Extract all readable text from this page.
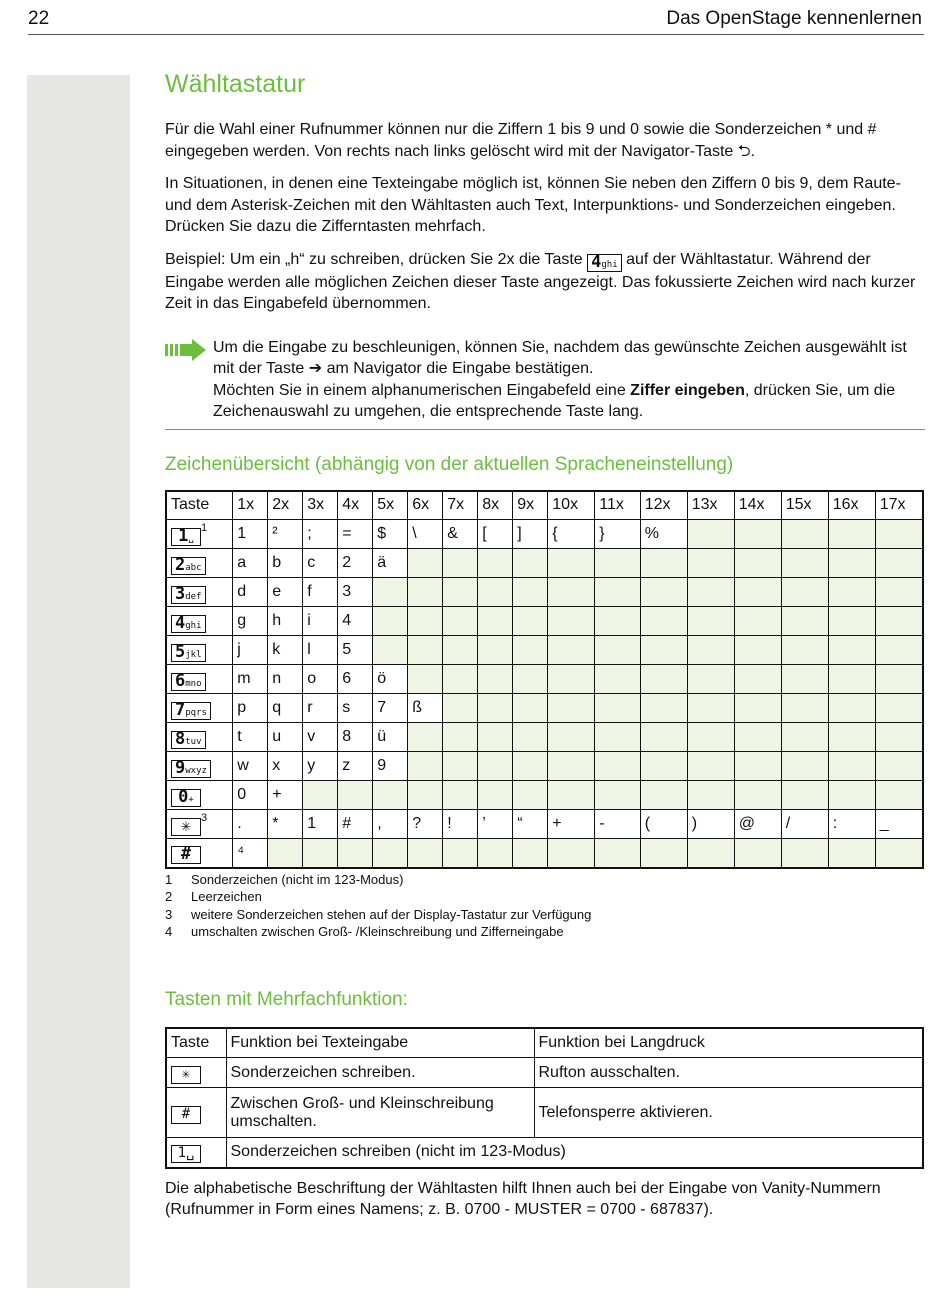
22	Das OpenStage kennenlernen
Wähltastatur

Für die Wahl einer Rufnummer können nur die Ziffern 1 bis 9 und 0 sowie die Sonderzeichen * und # eingegeben werden. Von rechts nach links gelöscht wird mit der Navigator-Taste ⮌.

In Situationen, in denen eine Texteingabe möglich ist, können Sie neben den Ziffern 0 bis 9, dem Raute- und dem Asterisk-Zeichen mit den Wähltasten auch Text, Interpunktions- und Sonderzeichen eingeben. Drücken Sie dazu die Zifferntasten mehrfach.

Beispiel: Um ein „h“ zu schreiben, drücken Sie 2x die Taste 4ghi auf der Wähltastatur. Während der Eingabe werden alle möglichen Zeichen dieser Taste angezeigt. Das fokussierte Zeichen wird nach kurzer Zeit in das Eingabefeld übernommen.

Um die Eingabe zu beschleunigen, können Sie, nachdem das gewünschte Zeichen ausgewählt ist mit der Taste ➔ am Navigator die Eingabe bestätigen.

Möchten Sie in einem alphanumerischen Eingabefeld eine Ziffer eingeben, drücken Sie, um die Zeichenauswahl zu umgehen, die entsprechende Taste lang.

Zeichenübersicht (abhängig von der aktuellen Spracheneinstellung)
Taste	1x	2x	3x	4x	5x	6x	7x	8x	9x	10x	11x	12x	13x	14x	15x	16x	17x
1␣$^1$	1	²	;	=	$	\	&	[	]	{	}	%					
2abc	a	b	c	2	ä												
3def	d	e	f	3													
4ghi	g	h	i	4													
5jkl	j	k	l	5													
6mno	m	n	o	6	ö												
7pqrs	p	q	r	s	7	ß											
8tuv	t	u	v	8	ü												
9wxyz	w	x	y	z	9												
0+	0	+															
✳ $^3$	.	*	1	#	,	?	!	’	“	+	-	(	)	@	/	:	_
#	⁴																
1	Sonderzeichen (nicht im 123-Modus)
2	Leerzeichen
3	weitere Sonderzeichen stehen auf der Display-Tastatur zur Verfügung
4	umschalten zwischen Groß- /Kleinschreibung und Zifferneingabe
Tasten mit Mehrfachfunktion:
Taste	Funktion bei Texteingabe	Funktion bei Langdruck
✳	Sonderzeichen schreiben.	Rufton ausschalten.
#	Zwischen Groß- und Kleinschreibung umschalten.	Telefonsperre aktivieren.
1␣	Sonderzeichen schreiben (nicht im 123-Modus)	

Die alphabetische Beschriftung der Wähltasten hilft Ihnen auch bei der Eingabe von Vanity-Nummern (Rufnummer in Form eines Namens; z. B. 0700 - MUSTER = 0700 - 687837).
